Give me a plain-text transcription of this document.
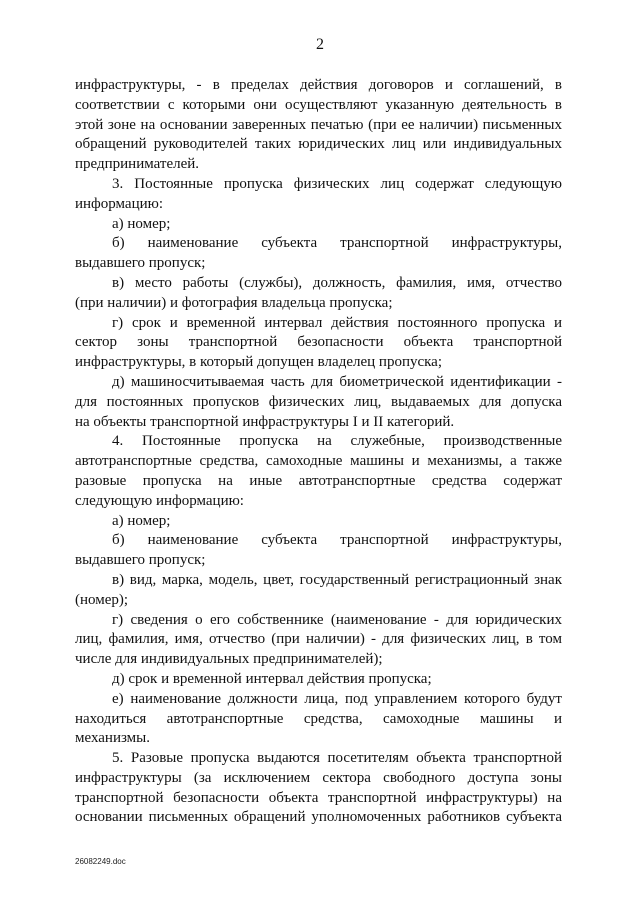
2

инфраструктуры, - в пределах действия договоров и соглашений, в

соответствии с которыми они осуществляют указанную деятельность в

этой зоне на основании заверенных печатью (при ее наличии) письменных

обращений руководителей таких юридических лиц или индивидуальных

предпринимателей.

3. Постоянные пропуска физических лиц содержат следующую

информацию:

а) номер;

б) наименование субъекта транспортной инфраструктуры,

выдавшего пропуск;

в) место работы (службы), должность, фамилия, имя, отчество

(при наличии) и фотография владельца пропуска;

г) срок и временной интервал действия постоянного пропуска и

сектор зоны транспортной безопасности объекта транспортной

инфраструктуры, в который допущен владелец пропуска;

д) машиносчитываемая часть для биометрической идентификации -

для постоянных пропусков физических лиц, выдаваемых для допуска

на объекты транспортной инфраструктуры I и II категорий.

4. Постоянные пропуска на служебные, производственные

автотранспортные средства, самоходные машины и механизмы, а также

разовые пропуска на иные автотранспортные средства содержат

следующую информацию:

а) номер;

б) наименование субъекта транспортной инфраструктуры,

выдавшего пропуск;

в) вид, марка, модель, цвет, государственный регистрационный знак

(номер);

г) сведения о его собственнике (наименование - для юридических

лиц, фамилия, имя, отчество (при наличии) - для физических лиц, в том

числе для индивидуальных предпринимателей);

д) срок и временной интервал действия пропуска;

е) наименование должности лица, под управлением которого будут

находиться автотранспортные средства, самоходные машины и

механизмы.

5. Разовые пропуска выдаются посетителям объекта транспортной

инфраструктуры (за исключением сектора свободного доступа зоны

транспортной безопасности объекта транспортной инфраструктуры) на

основании письменных обращений уполномоченных работников субъекта

26082249.doc
